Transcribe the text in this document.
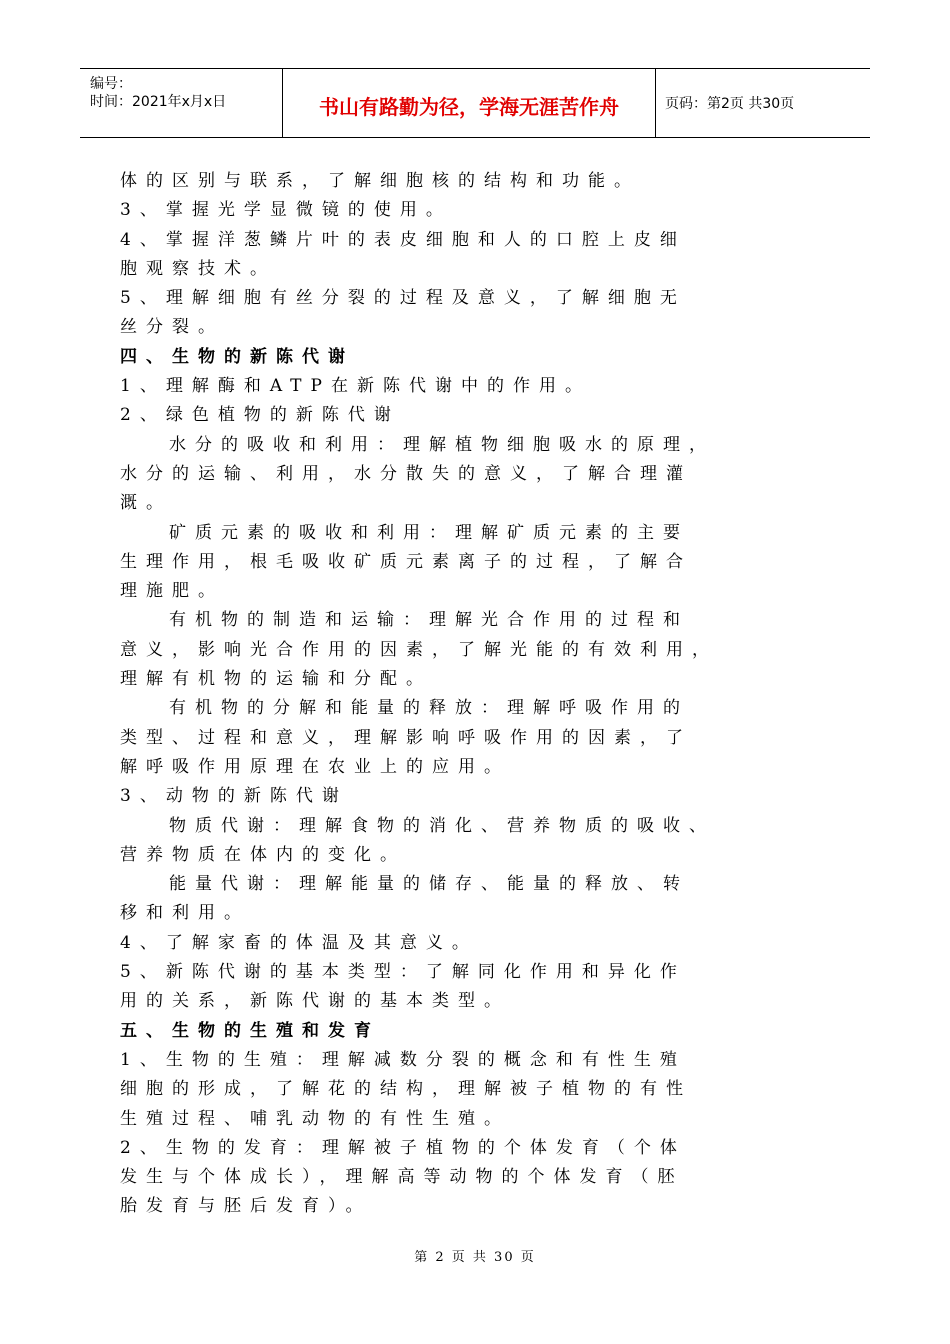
编号：
时间：2021年x月x日	书山有路勤为径，学海无涯苦作舟	页码：第2页 共30页
体的区别与联系，了解细胞核的结构和功能。
3、掌握光学显微镜的使用。
4、掌握洋葱鳞片叶的表皮细胞和人的口腔上皮细
胞观察技术。
5、理解细胞有丝分裂的过程及意义，了解细胞无
丝分裂。
四、生物的新陈代谢
1、理解酶和ATP在新陈代谢中的作用。
2、绿色植物的新陈代谢
水分的吸收和利用：理解植物细胞吸水的原理，
水分的运输、利用，水分散失的意义，了解合理灌
溉。
矿质元素的吸收和利用：理解矿质元素的主要
生理作用，根毛吸收矿质元素离子的过程，了解合
理施肥。
有机物的制造和运输：理解光合作用的过程和
意义，影响光合作用的因素，了解光能的有效利用，
理解有机物的运输和分配。
有机物的分解和能量的释放：理解呼吸作用的
类型、过程和意义，理解影响呼吸作用的因素，了
解呼吸作用原理在农业上的应用。
3、动物的新陈代谢
物质代谢：理解食物的消化、营养物质的吸收、
营养物质在体内的变化。
能量代谢：理解能量的储存、能量的释放、转
移和利用。
4、了解家畜的体温及其意义。
5、新陈代谢的基本类型：了解同化作用和异化作
用的关系，新陈代谢的基本类型。
五、生物的生殖和发育
1、生物的生殖：理解减数分裂的概念和有性生殖
细胞的形成，了解花的结构，理解被子植物的有性
生殖过程、哺乳动物的有性生殖。
2、生物的发育：理解被子植物的个体发育（个体
发生与个体成长），理解高等动物的个体发育（胚
胎发育与胚后发育）。
第 2 页 共 30 页
